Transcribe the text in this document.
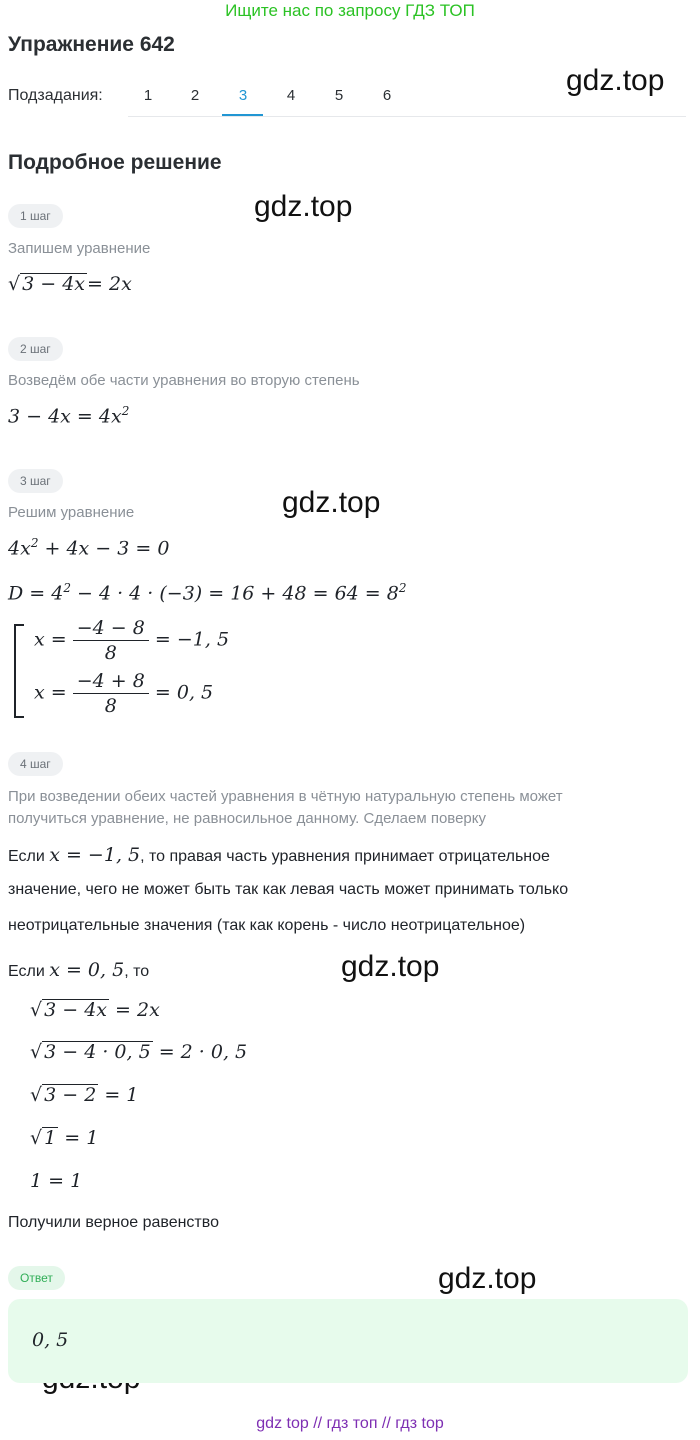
Ищите нас по запросу ГДЗ ТОП
Упражнение 642
Подзадания:	1	2	3	4	5	6	gdz.top
gdz.top
gdz.top
gdz.top
gdz.top
Подробное решение
1 шаг
Запишем уравнение
√ 3 − 4x = 2x
2 шаг
Возведём обе части уравнения во вторую степень
$3 - 4x = 4x^2$
3 шаг
Решим уравнение
$4x^2 + 4x - 3 = 0$
$D = 4^2 - 4 \cdot 4 \cdot (-3) = 16 + 48 = 64 = 8^2$
$x = \frac{-4 - 8}{8} = -1$, 5
$x = \frac{-4 + 8}{8} = 0$, 5
4 шаг
При возведении обеих частей уравнения в чётную натуральную степень может
получиться уравнение, не равносильное данному. Сделаем поверку
Если x = −1, 5, то правая часть уравнения принимает отрицательное
значение, чего не может быть так как левая часть может принимать только
неотрицательные значения (так как корень - число неотрицательное)
Если x = 0, 5, то
√ 3 − 4x = 2x
√ 3 − 4 · 0, 5 = 2 · 0, 5
√ 3 − 2 = 1
√ 1 = 1
1 = 1
Получили верное равенство
Ответ
0, 5
gdz top // гдз топ // гдз top
